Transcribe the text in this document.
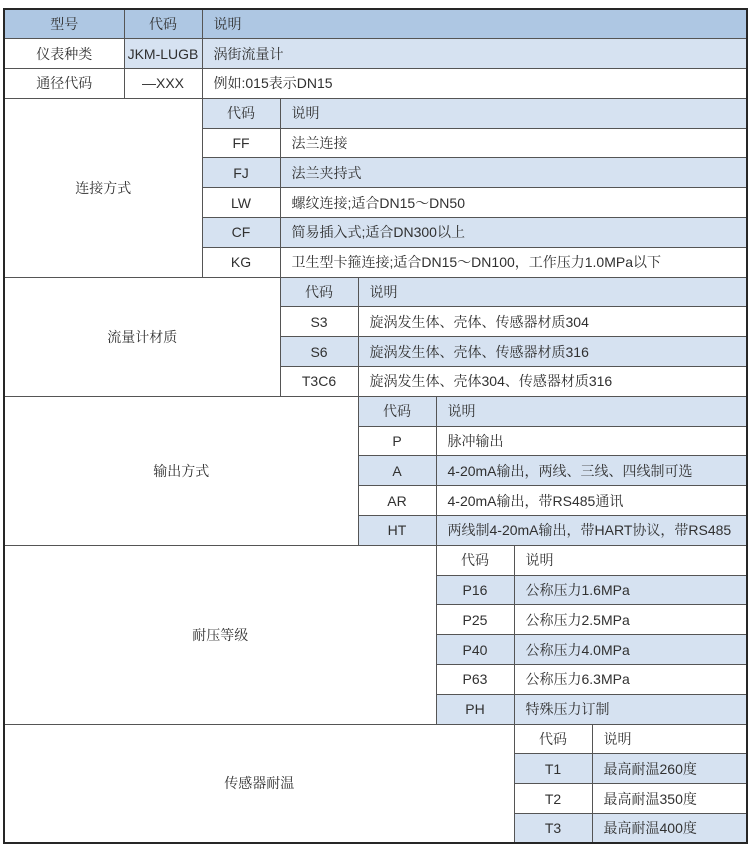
型号	代码	说明					
仪表种类	JKM-LUGB	涡街流量计					
通径代码	—XXX	例如:015表示DN15					
连接方式		代码	说明				
		FF	法兰连接				
		FJ	法兰夹持式				
		LW	螺纹连接;适合DN15～DN50				
		CF	简易插入式;适合DN300以上				
		KG	卫生型卡箍连接;适合DN15～DN100，工作压力1.0MPa以下				
流量计材质			代码	说明			
			S3	旋涡发生体、壳体、传感器材质304			
			S6	旋涡发生体、壳体、传感器材质316			
			T3C6	旋涡发生体、壳体304、传感器材质316			
输出方式				代码	说明		
				P	脉冲输出		
				A	4-20mA输出，两线、三线、四线制可选		
				AR	4-20mA输出，带RS485通讯		
				HT	两线制4-20mA输出，带HART协议，带RS485		
耐压等级					代码	说明	
					P16	公称压力1.6MPa	
					P25	公称压力2.5MPa	
					P40	公称压力4.0MPa	
					P63	公称压力6.3MPa	
					PH	特殊压力订制	
传感器耐温						代码	说明
						T1	最高耐温260度
						T2	最高耐温350度
						T3	最高耐温400度
